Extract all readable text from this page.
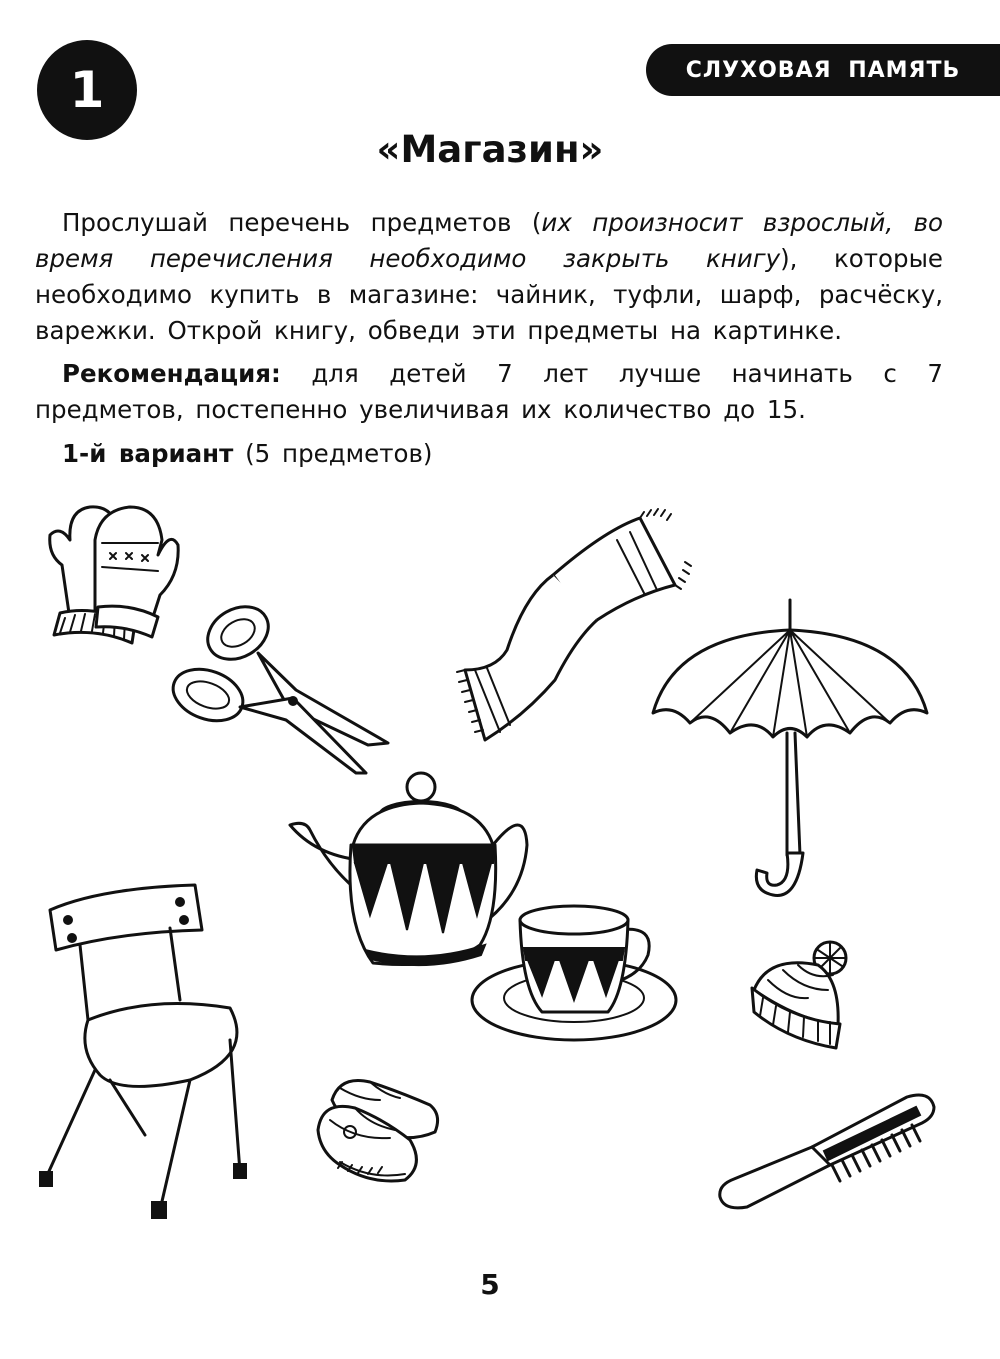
1	СЛУХОВАЯ ПАМЯТЬ
«Магазин»
Прослушай перечень предметов (их произносит взрослый, во время перечисления необходимо закрыть книгу), которые необходимо купить в магазине: чайник, туфли, шарф, расчёску, варежки. Открой книгу, обведи эти предметы на картинке.
Рекомендация: для детей 7 лет лучше начинать с 7 предметов, постепенно увеличивая их количество до 15.
1-й вариант (5 предметов)
5
